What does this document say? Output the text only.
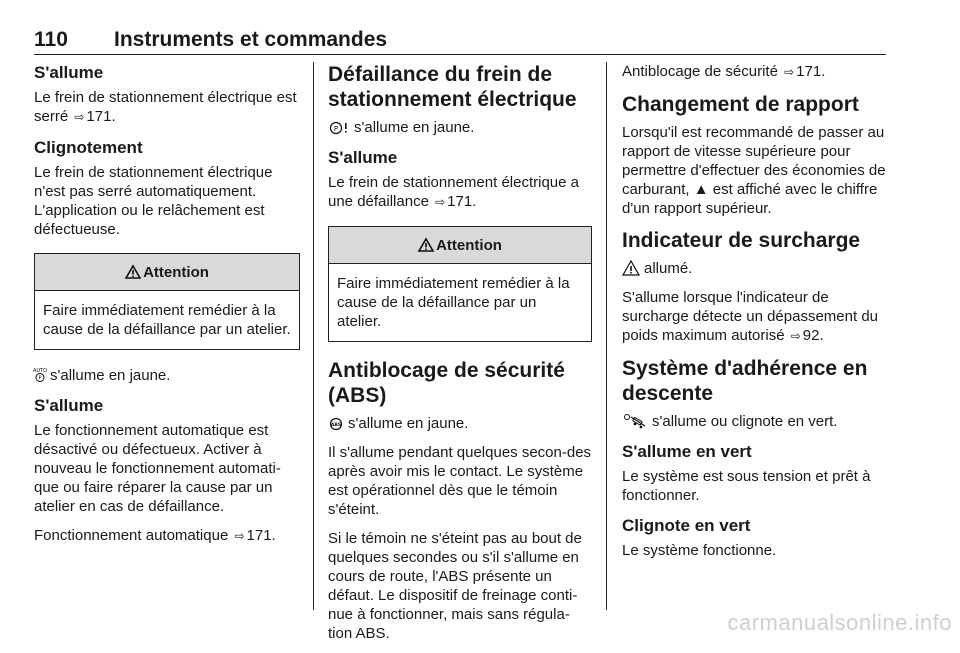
110 Instruments et commandes
S'allume

Le frein de stationnement électrique est serré ⇨ 171.

Clignotement

Le frein de stationnement électrique n'est pas serré automatiquement. L'application ou le relâchement est défectueuse.

Attention
Faire immédiatement remédier à la cause de la défaillance par un atelier.

AUTO
P s'allume en jaune.

S'allume

Le fonctionnement automatique est désactivé ou défectueux. Activer à nouveau le fonctionnement automati-que ou faire réparer la cause par un atelier en cas de défaillance.

Fonctionnement automatique ⇨ 171.

Défaillance du frein de stationnement électrique

P s'allume en jaune.

S'allume

Le frein de stationnement électrique a une défaillance ⇨ 171.

Attention
Faire immédiatement remédier à la cause de la défaillance par un atelier.
Antiblocage de sécurité (ABS)

ABS s'allume en jaune.

Il s'allume pendant quelques secon-des après avoir mis le contact. Le système est opérationnel dès que le témoin s'éteint.

Si le témoin ne s'éteint pas au bout de quelques secondes ou s'il s'allume en cours de route, l'ABS présente un défaut. Le dispositif de freinage conti-nue à fonctionner, mais sans régula-tion ABS.

Antiblocage de sécurité ⇨ 171.

Changement de rapport

Lorsqu'il est recommandé de passer au rapport de vitesse supérieure pour permettre d'effectuer des économies de carburant, ▲ est affiché avec le chiffre d'un rapport supérieur.

Indicateur de surcharge

allumé.

S'allume lorsque l'indicateur de surcharge détecte un dépassement du poids maximum autorisé ⇨ 92.

Système d'adhérence en descente

s'allume ou clignote en vert.

S'allume en vert

Le système est sous tension et prêt à fonctionner.

Clignote en vert

Le système fonctionne.

carmanualsonline.info
